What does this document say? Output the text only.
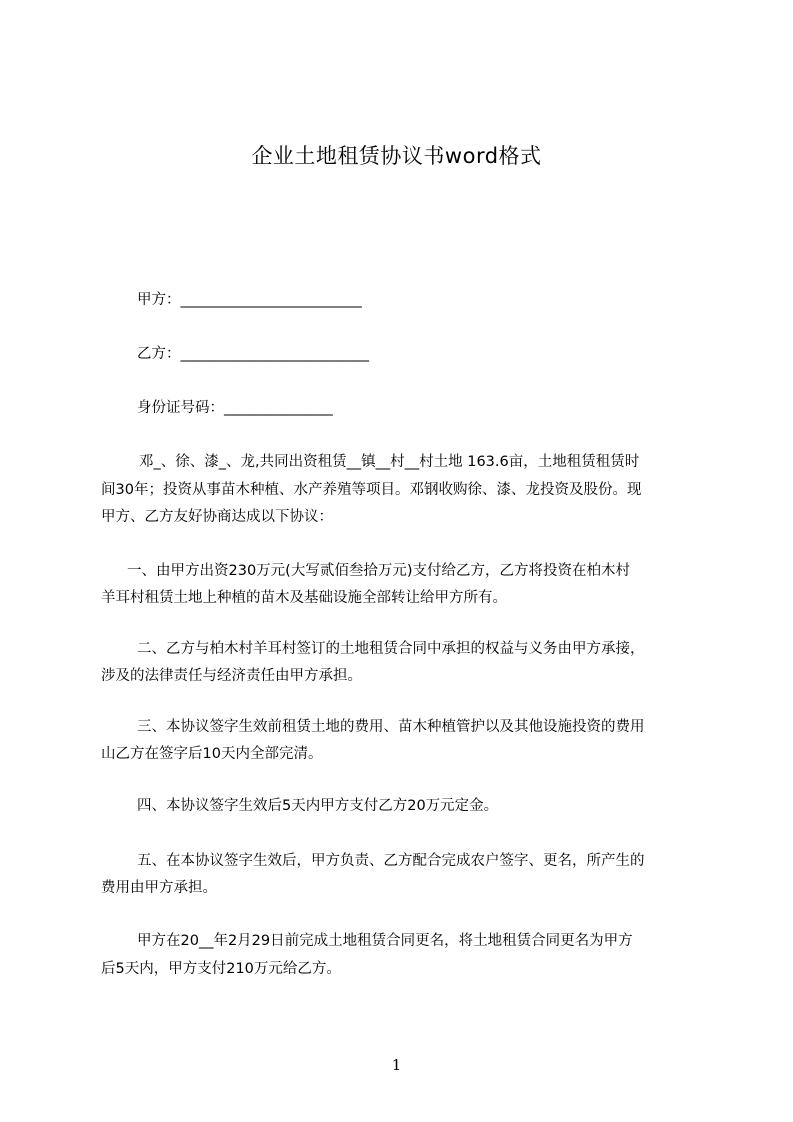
企业土地租赁协议书word格式
甲方：_________________________
乙方：__________________________
身份证号码：_______________
邓_、徐、漆_、龙,共同出资租赁__镇__村__村土地 163.6亩，土地租赁租赁时
间30年；投资从事苗木种植、水产养殖等项目。邓钢收购徐、漆、龙投资及股份。现
甲方、乙方友好协商达成以下协议：
一、由甲方出资230万元(大写贰佰叁拾万元)支付给乙方，乙方将投资在柏木村
羊耳村租赁土地上种植的苗木及基础设施全部转让给甲方所有。
二、乙方与柏木村羊耳村签订的土地租赁合同中承担的权益与义务由甲方承接，
涉及的法律责任与经济责任由甲方承担。
三、本协议签字生效前租赁土地的费用、苗木种植管护以及其他设施投资的费用
山乙方在签字后10天内全部完清。
四、本协议签字生效后5天内甲方支付乙方20万元定金。
五、在本协议签字生效后，甲方负责、乙方配合完成农户签字、更名，所产生的
费用由甲方承担。
甲方在20__年2月29日前完成土地租赁合同更名，将土地租赁合同更名为甲方
后5天内，甲方支付210万元给乙方。
1
